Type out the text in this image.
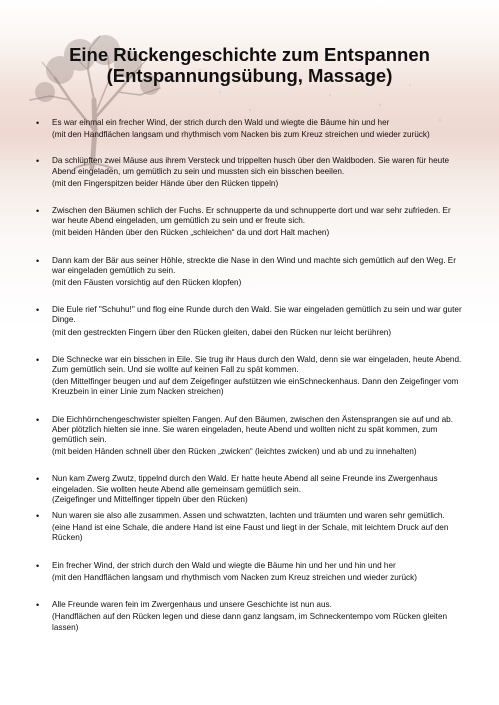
Eine Rückengeschichte zum Entspannen
(Entspannungsübung, Massage)
• Es war einmal ein frecher Wind, der strich durch den Wald und wiegte die Bäume hin und her
(mit den Handflächen langsam und rhythmisch vom Nacken bis zum Kreuz streichen und wieder zurück)
• Da schlüpften zwei Mäuse aus ihrem Versteck und trippelten husch über den Waldboden. Sie waren für heute Abend eingeladen, um gemütlich zu sein und mussten sich ein bisschen beeilen.
(mit den Fingerspitzen beider Hände über den Rücken tippeln)
• Zwischen den Bäumen schlich der Fuchs. Er schnupperte da und schnupperte dort und war sehr zufrieden. Er war heute Abend eingeladen, um gemütlich zu sein und er freute sich.
(mit beiden Händen über den Rücken „schleichen“ da und dort Halt machen)
• Dann kam der Bär aus seiner Höhle, streckte die Nase in den Wind und machte sich gemütlich auf den Weg. Er war eingeladen gemütlich zu sein.
(mit den Fäusten vorsichtig auf den Rücken klopfen)
• Die Eule rief "Schuhu!" und flog eine Runde durch den Wald. Sie war eingeladen gemütlich zu sein und war guter Dinge.
(mit den gestreckten Fingern über den Rücken gleiten, dabei den Rücken nur leicht berühren)
• Die Schnecke war ein bisschen in Eile. Sie trug ihr Haus durch den Wald, denn sie war eingeladen, heute Abend. Zum gemütlich sein. Und sie wollte auf keinen Fall zu spät kommen.
(den Mittelfinger beugen und auf dem Zeigefinger aufstützen wie einSchneckenhaus. Dann den Zeigefinger vom Kreuzbein in einer Linie zum Nacken streichen)
• Die Eichhörnchengeschwister spielten Fangen. Auf den Bäumen, zwischen den Ästensprangen sie auf und ab. Aber plötzlich hielten sie inne. Sie waren eingeladen, heute Abend und wollten nicht zu spät kommen, zum gemütlich sein.
(mit beiden Händen schnell über den Rücken „zwicken“ (leichtes zwicken) und ab und zu innehalten)
• Nun kam Zwerg Zwutz, tippelnd durch den Wald. Er hatte heute Abend all seine Freunde ins Zwergenhaus eingeladen. Sie wollten heute Abend alle gemeinsam gemütlich sein.
(Zeigefinger und Mittelfinger tippeln über den Rücken)
• Nun waren sie also alle zusammen. Assen und schwatzten, lachten und träumten und waren sehr gemütlich.
(eine Hand ist eine Schale, die andere Hand ist eine Faust und liegt in der Schale, mit leichtem Druck auf den Rücken)
• Ein frecher Wind, der strich durch den Wald und wiegte die Bäume hin und her und hin und her
(mit den Handflächen langsam und rhythmisch vom Nacken zum Kreuz streichen und wieder zurück)
• Alle Freunde waren fein im Zwergenhaus und unsere Geschichte ist nun aus.
(Handflächen auf den Rücken legen und diese dann ganz langsam, im Schneckentempo vom Rücken gleiten lassen)
